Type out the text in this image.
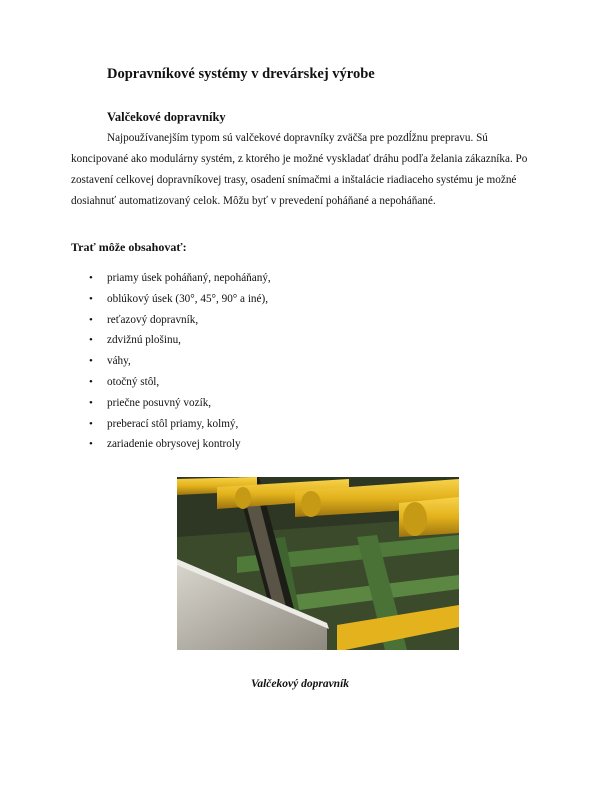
Dopravníkové systémy v drevárskej výrobe
Valčekové dopravníky

Najpoužívanejším typom sú valčekové dopravníky zväčša pre pozdĺžnu prepravu. Sú koncipované ako modulárny systém, z ktorého je možné vyskladať dráhu podľa želania zákazníka. Po zostavení celkovej dopravníkovej trasy, osadení snímačmi a inštalácie riadiaceho systému je možné dosiahnuť automatizovaný celok. Môžu byť v prevedení poháňané a nepoháňané.

Trať môže obsahovať:
• priamy úsek poháňaný, nepoháňaný,
• oblúkový úsek (30°, 45°, 90° a iné),
• reťazový dopravník,
• zdvižnú plošinu,
• váhy,
• otočný stôl,
• priečne posuvný vozík,
• preberací stôl priamy, kolmý,
• zariadenie obrysovej kontroly

Valčekový dopravník
